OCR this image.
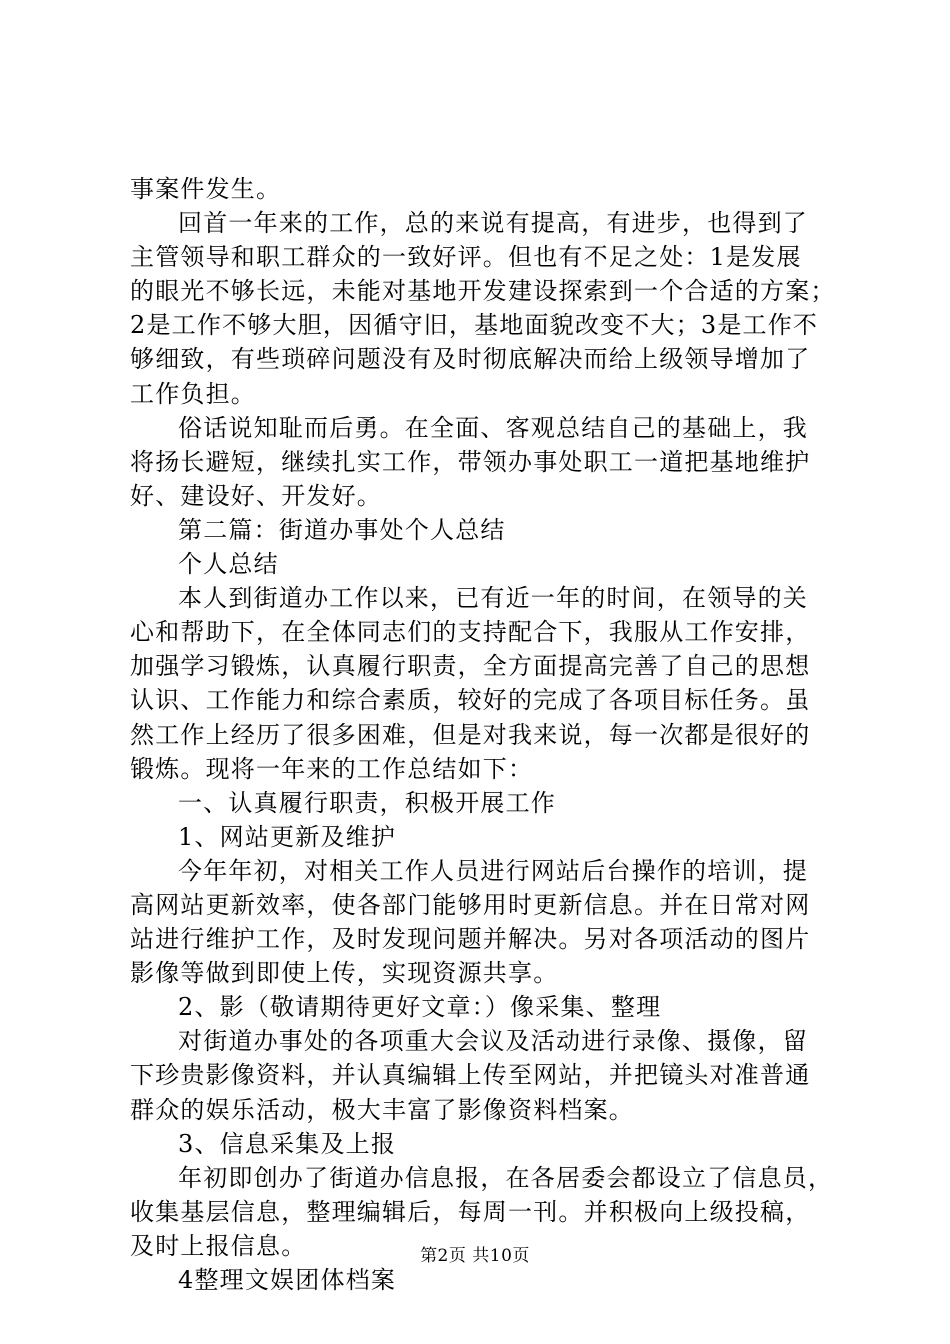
事案件发生。
回首一年来的工作，总的来说有提高，有进步，也得到了
主管领导和职工群众的一致好评。但也有不足之处：1是发展
的眼光不够长远，未能对基地开发建设探索到一个合适的方案；
2是工作不够大胆，因循守旧，基地面貌改变不大；3是工作不
够细致，有些琐碎问题没有及时彻底解决而给上级领导增加了
工作负担。
俗话说知耻而后勇。在全面、客观总结自己的基础上，我
将扬长避短，继续扎实工作，带领办事处职工一道把基地维护
好、建设好、开发好。
第二篇：街道办事处个人总结
个人总结
本人到街道办工作以来，已有近一年的时间，在领导的关
心和帮助下，在全体同志们的支持配合下，我服从工作安排，
加强学习锻炼，认真履行职责，全方面提高完善了自己的思想
认识、工作能力和综合素质，较好的完成了各项目标任务。虽
然工作上经历了很多困难，但是对我来说，每一次都是很好的
锻炼。现将一年来的工作总结如下：
一、认真履行职责，积极开展工作
1、网站更新及维护
今年年初，对相关工作人员进行网站后台操作的培训，提
高网站更新效率，使各部门能够用时更新信息。并在日常对网
站进行维护工作，及时发现问题并解决。另对各项活动的图片
影像等做到即使上传，实现资源共享。
2、影（敬请期待更好文章：）像采集、整理
对街道办事处的各项重大会议及活动进行录像、摄像，留
下珍贵影像资料，并认真编辑上传至网站，并把镜头对准普通
群众的娱乐活动，极大丰富了影像资料档案。
3、信息采集及上报
年初即创办了街道办信息报，在各居委会都设立了信息员，
收集基层信息，整理编辑后，每周一刊。并积极向上级投稿，
及时上报信息。
4整理文娱团体档案
第2页 共10页
